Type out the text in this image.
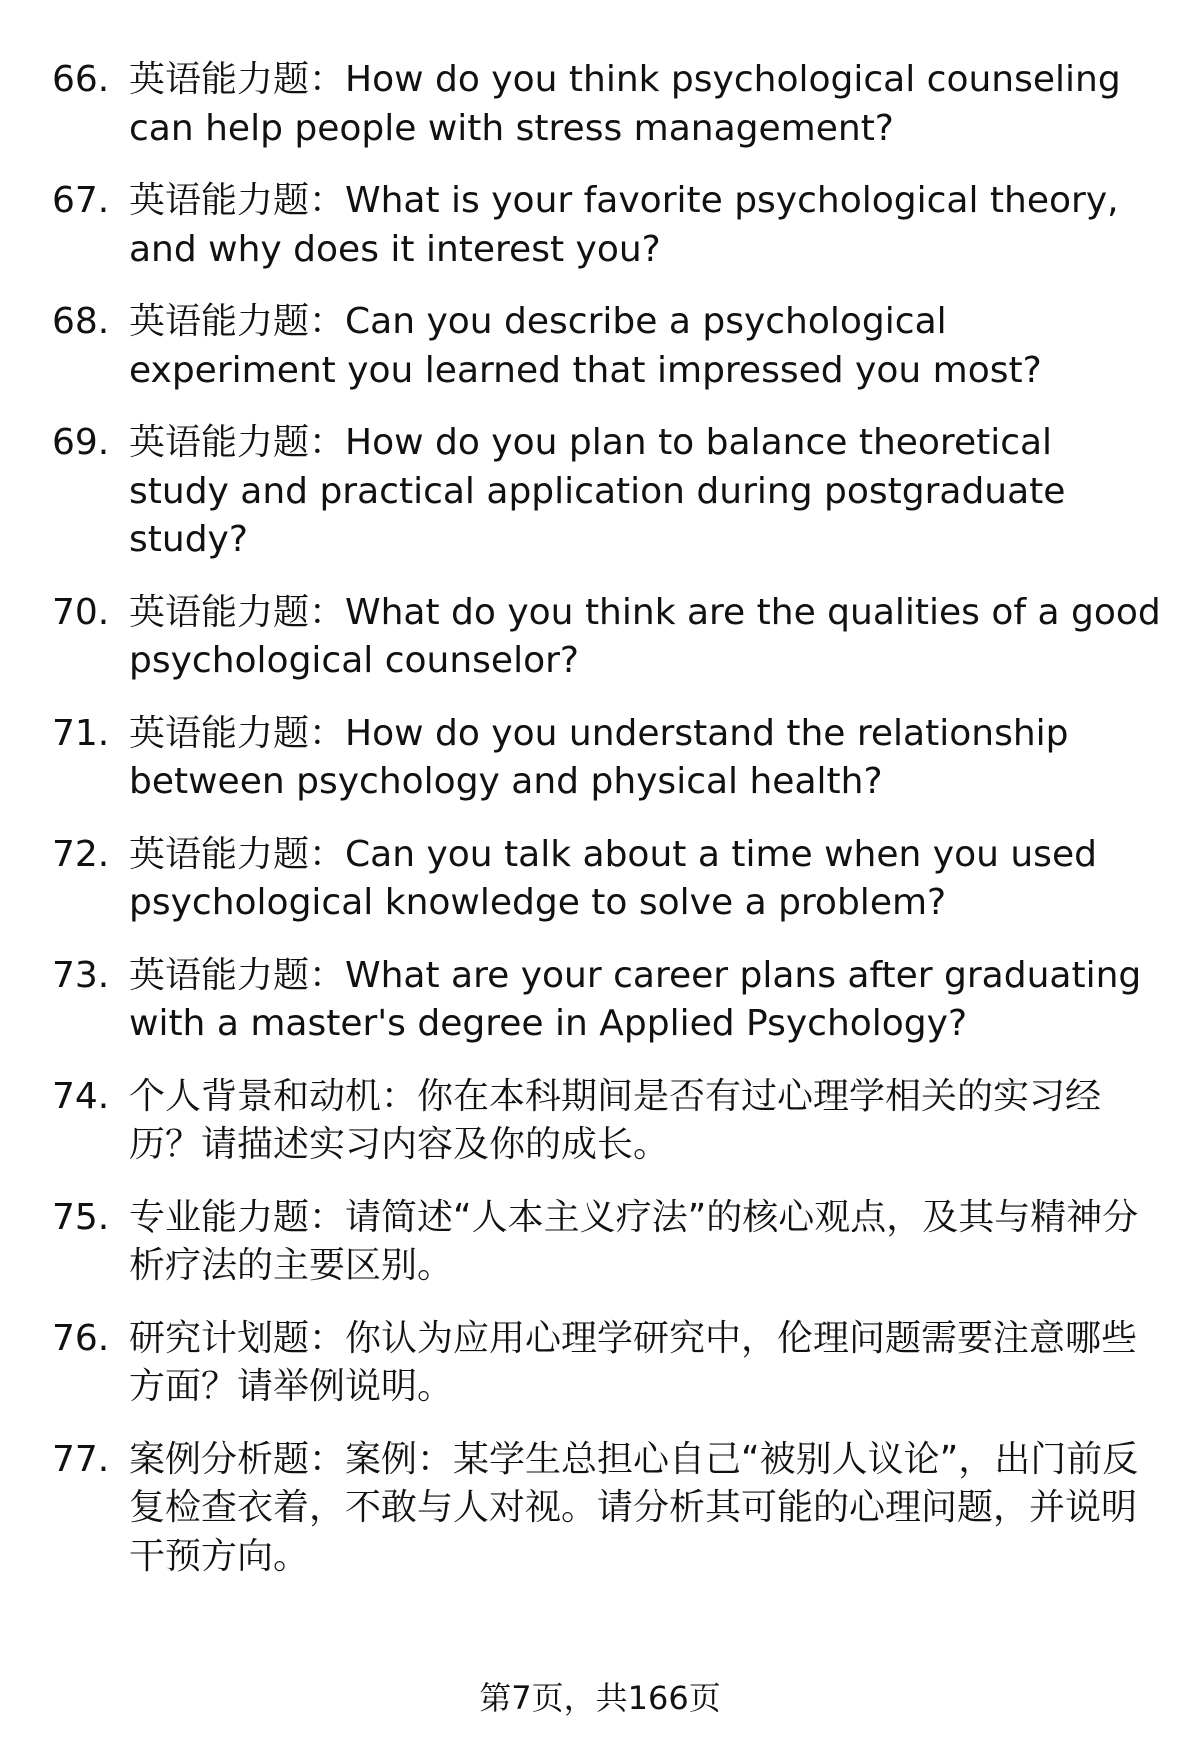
66. 英语能力题：How do you think psychological counseling can help people with stress management?
67. 英语能力题：What is your favorite psychological theory, and why does it interest you?
68. 英语能力题：Can you describe a psychological experiment you learned that impressed you most?
69. 英语能力题：How do you plan to balance theoretical study and practical application during postgraduate study?
70. 英语能力题：What do you think are the qualities of a good psychological counselor?
71. 英语能力题：How do you understand the relationship between psychology and physical health?
72. 英语能力题：Can you talk about a time when you used psychological knowledge to solve a problem?
73. 英语能力题：What are your career plans after graduating with a master's degree in Applied Psychology?
74. 个人背景和动机：你在本科期间是否有过心理学相关的实习经历？请描述实习内容及你的成长。
75. 专业能力题：请简述“人本主义疗法”的核心观点，及其与精神分析疗法的主要区别。
76. 研究计划题：你认为应用心理学研究中，伦理问题需要注意哪些方面？请举例说明。
77. 案例分析题：案例：某学生总担心自己“被别人议论”，出门前反复检查衣着，不敢与人对视。请分析其可能的心理问题，并说明干预方向。
第7页，共166页
